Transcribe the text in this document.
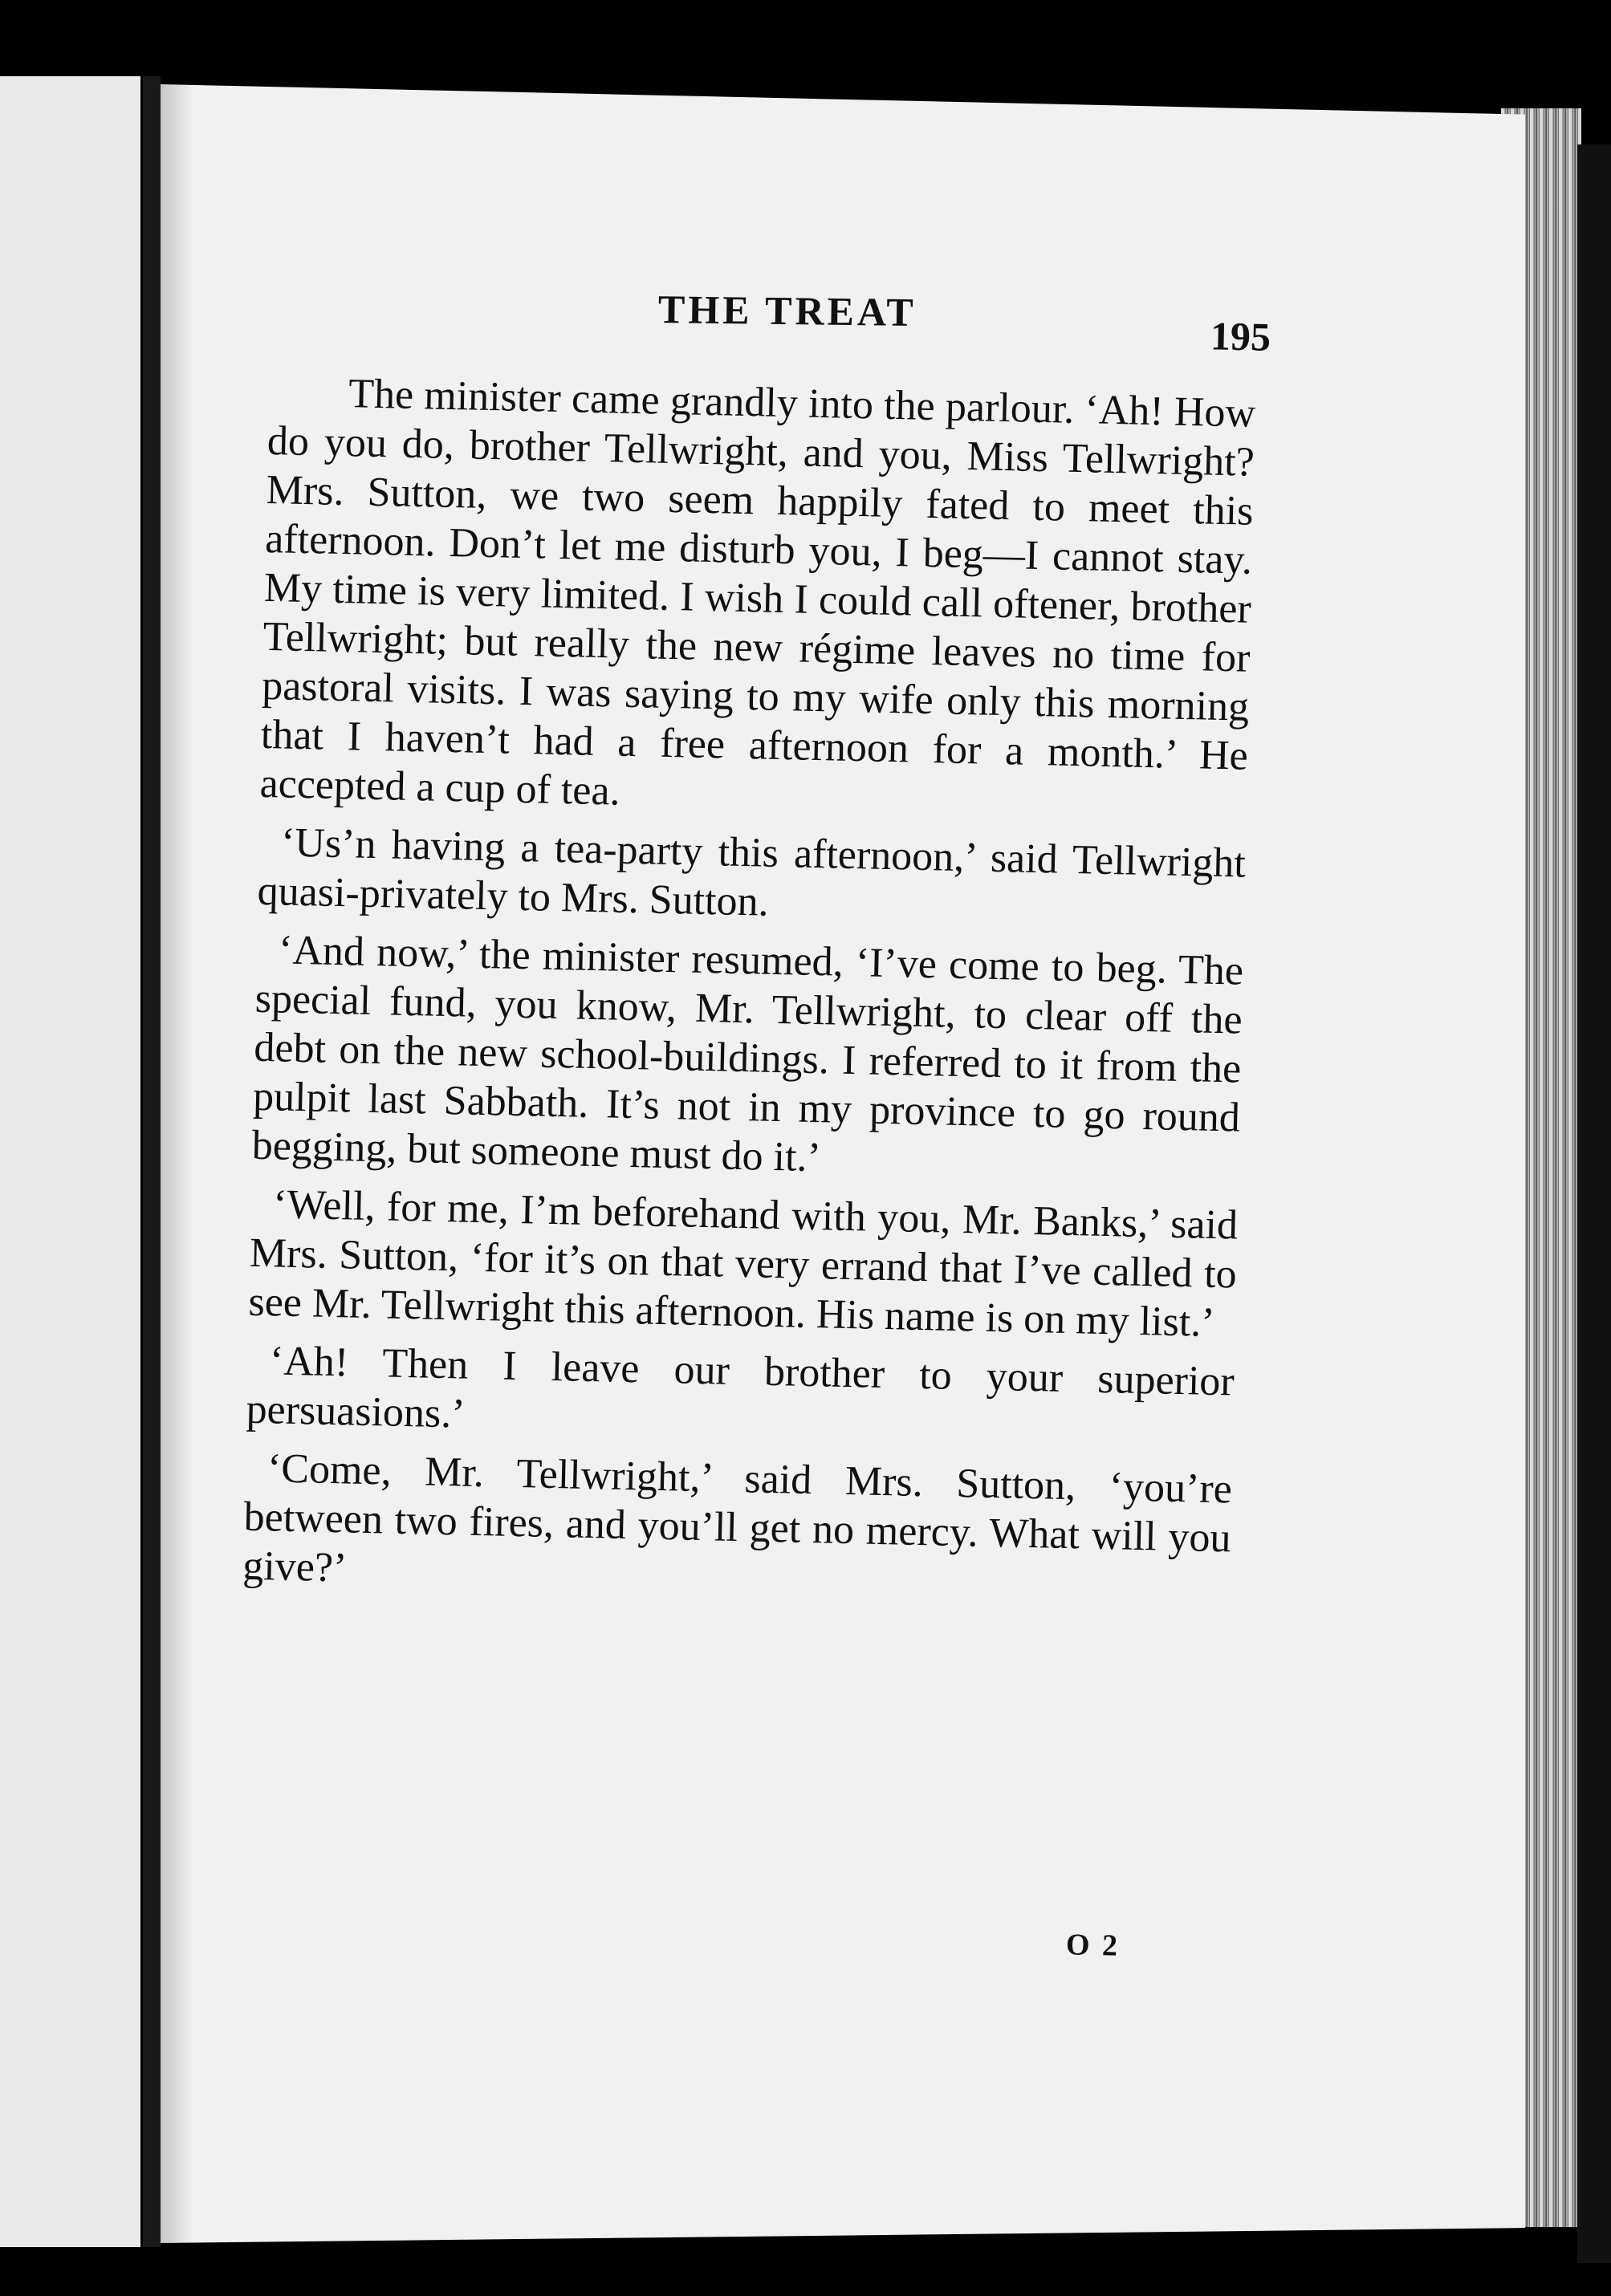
THE TREAT
195

The minister came grandly into the parlour. ‘Ah! How do you do, brother Tellwright, and you, Miss Tellwright? Mrs. Sutton, we two seem happily fated to meet this afternoon. Don’t let me disturb you, I beg—I cannot stay. My time is very limited. I wish I could call oftener, brother Tellwright; but really the new régime leaves no time for pastoral visits. I was saying to my wife only this morning that I haven’t had a free afternoon for a month.’ He accepted a cup of tea.

‘Us’n having a tea-party this afternoon,’ said Tellwright quasi-privately to Mrs. Sutton.

‘And now,’ the minister resumed, ‘I’ve come to beg. The special fund, you know, Mr. Tellwright, to clear off the debt on the new school-buildings. I referred to it from the pulpit last Sabbath. It’s not in my province to go round begging, but someone must do it.’

‘Well, for me, I’m beforehand with you, Mr. Banks,’ said Mrs. Sutton, ‘for it’s on that very errand that I’ve called to see Mr. Tellwright this afternoon. His name is on my list.’

‘Ah! Then I leave our brother to your superior persuasions.’

‘Come, Mr. Tellwright,’ said Mrs. Sutton, ‘you’re between two fires, and you’ll get no mercy. What will you give?’

O 2
